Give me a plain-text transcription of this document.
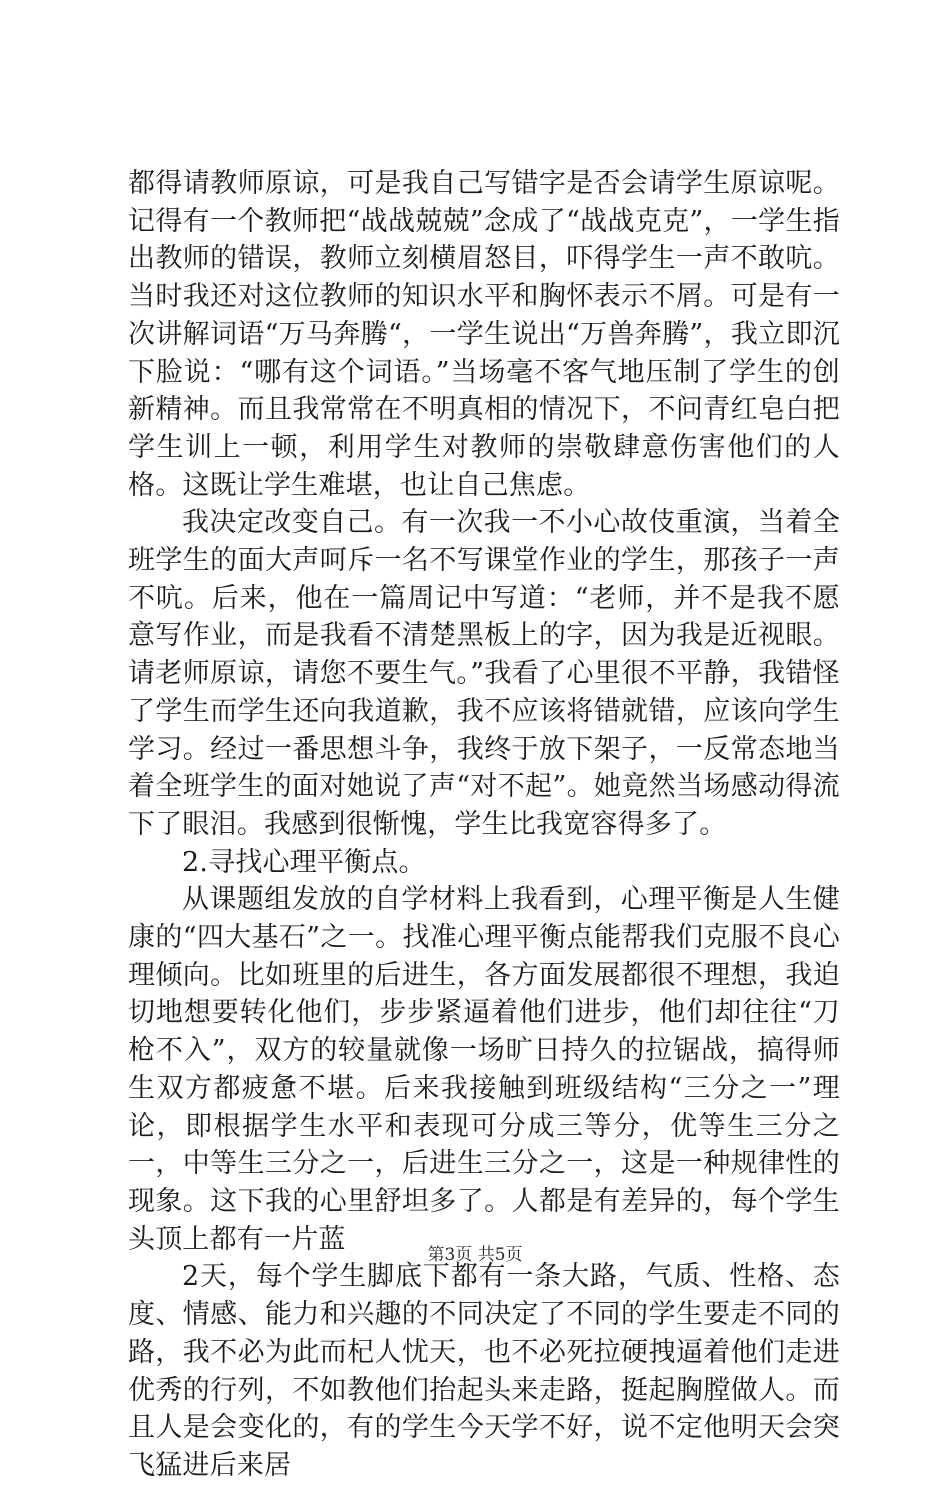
都得请教师原谅，可是我自己写错字是否会请学生原谅呢。记得有一个教师把“战战兢兢”念成了“战战克克”，一学生指出教师的错误，教师立刻横眉怒目，吓得学生一声不敢吭。当时我还对这位教师的知识水平和胸怀表示不屑。可是有一次讲解词语“万马奔腾“，一学生说出“万兽奔腾”，我立即沉下脸说：“哪有这个词语。”当场毫不客气地压制了学生的创新精神。而且我常常在不明真相的情况下，不问青红皂白把学生训上一顿，利用学生对教师的崇敬肆意伤害他们的人格。这既让学生难堪，也让自己焦虑。

我决定改变自己。有一次我一不小心故伎重演，当着全班学生的面大声呵斥一名不写课堂作业的学生，那孩子一声不吭。后来，他在一篇周记中写道：“老师，并不是我不愿意写作业，而是我看不清楚黑板上的字，因为我是近视眼。请老师原谅，请您不要生气。”我看了心里很不平静，我错怪了学生而学生还向我道歉，我不应该将错就错，应该向学生学习。经过一番思想斗争，我终于放下架子，一反常态地当着全班学生的面对她说了声“对不起”。她竟然当场感动得流下了眼泪。我感到很惭愧，学生比我宽容得多了。

2.寻找心理平衡点。

从课题组发放的自学材料上我看到，心理平衡是人生健康的“四大基石”之一。找准心理平衡点能帮我们克服不良心理倾向。比如班里的后进生，各方面发展都很不理想，我迫切地想要转化他们，步步紧逼着他们进步，他们却往往“刀枪不入”，双方的较量就像一场旷日持久的拉锯战，搞得师生双方都疲惫不堪。后来我接触到班级结构“三分之一”理论，即根据学生水平和表现可分成三等分，优等生三分之一，中等生三分之一，后进生三分之一，这是一种规律性的现象。这下我的心里舒坦多了。人都是有差异的，每个学生头顶上都有一片蓝

2天，每个学生脚底下都有一条大路，气质、性格、态度、情感、能力和兴趣的不同决定了不同的学生要走不同的路，我不必为此而杞人忧天，也不必死拉硬拽逼着他们走进优秀的行列，不如教他们抬起头来走路，挺起胸膛做人。而且人是会变化的，有的学生今天学不好，说不定他明天会突飞猛进后来居

第3页 共5页
